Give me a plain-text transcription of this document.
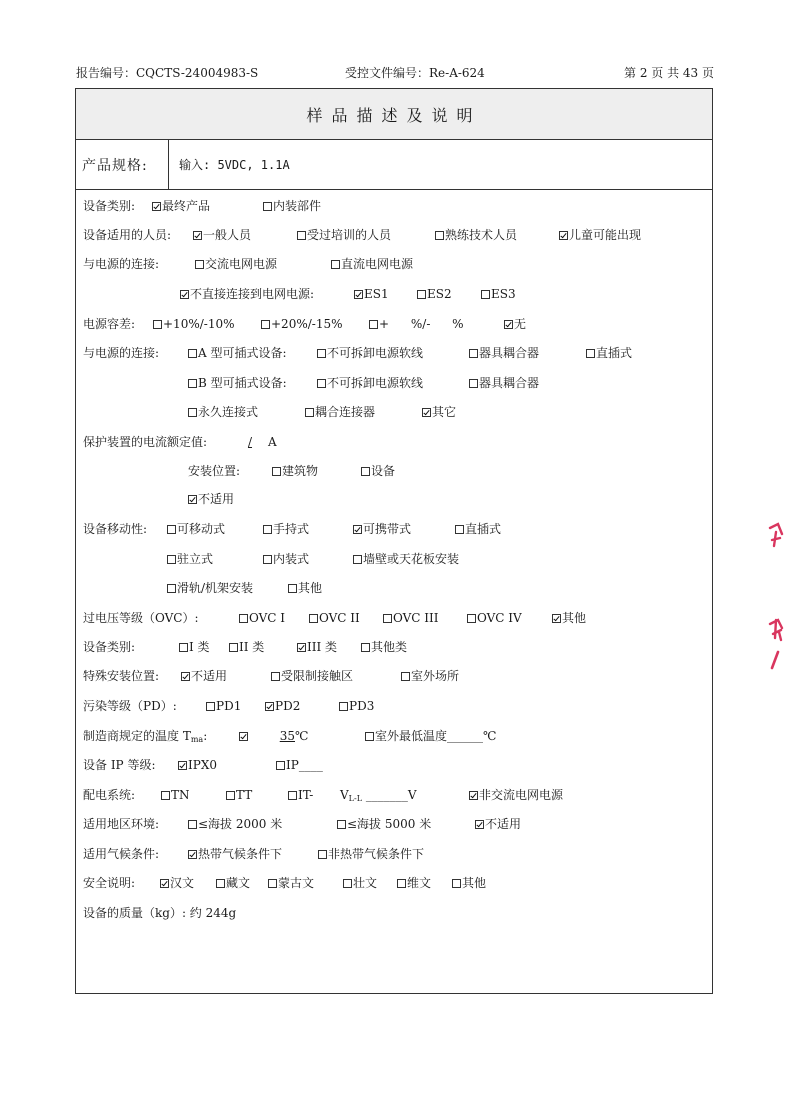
报告编号：CQCTS-24004983-S	受控文件编号：Re-A-624	第 2 页 共 43 页
样品描述及说明
产品规格:	输入: 5VDC, 1.1A
设备类别:	最终产品	内装部件
设备适用的人员:	一般人员	受过培训的人员	熟练技术人员	儿童可能出现
与电源的连接:	交流电网电源	直流电网电源
不直接连接到电网电源:	ES1	ES2	ES3
电源容差:	+10%/-10%	+20%/-15%	+ %/- %	无
与电源的连接:	A 型可插式设备:	不可拆卸电源软线	器具耦合器	直插式
B 型可插式设备:	不可拆卸电源软线	器具耦合器
永久连接式	耦合连接器	其它
保护装置的电流额定值:	/	A
安装位置:	建筑物	设备
不适用
设备移动性:	可移动式	手持式	可携带式	直插式
驻立式	内装式	墙壁或天花板安装
滑轨/机架安装	其他
过电压等级（OVC）:	OVC I	OVC II	OVC III	OVC IV	其他
设备类别:	I 类	II 类	III 类	其他类
特殊安装位置:	不适用	受限制接触区	室外场所
污染等级（PD）:	PD1	PD2	PD3
制造商规定的温度 $T_{ma}$:	35 ℃	室外最低温度______℃
设备 IP 等级:	IPX0	IP____
配电系统:	TN	TT	IT- $V_{L-L}$ _______V	非交流电网电源
适用地区环境:	≤海拔 2000 米	≤海拔 5000 米	不适用
适用气候条件:	热带气候条件下	非热带气候条件下
安全说明:	汉文	藏文	蒙古文	壮文	维文	其他
设备的质量（kg）: 约 244g
